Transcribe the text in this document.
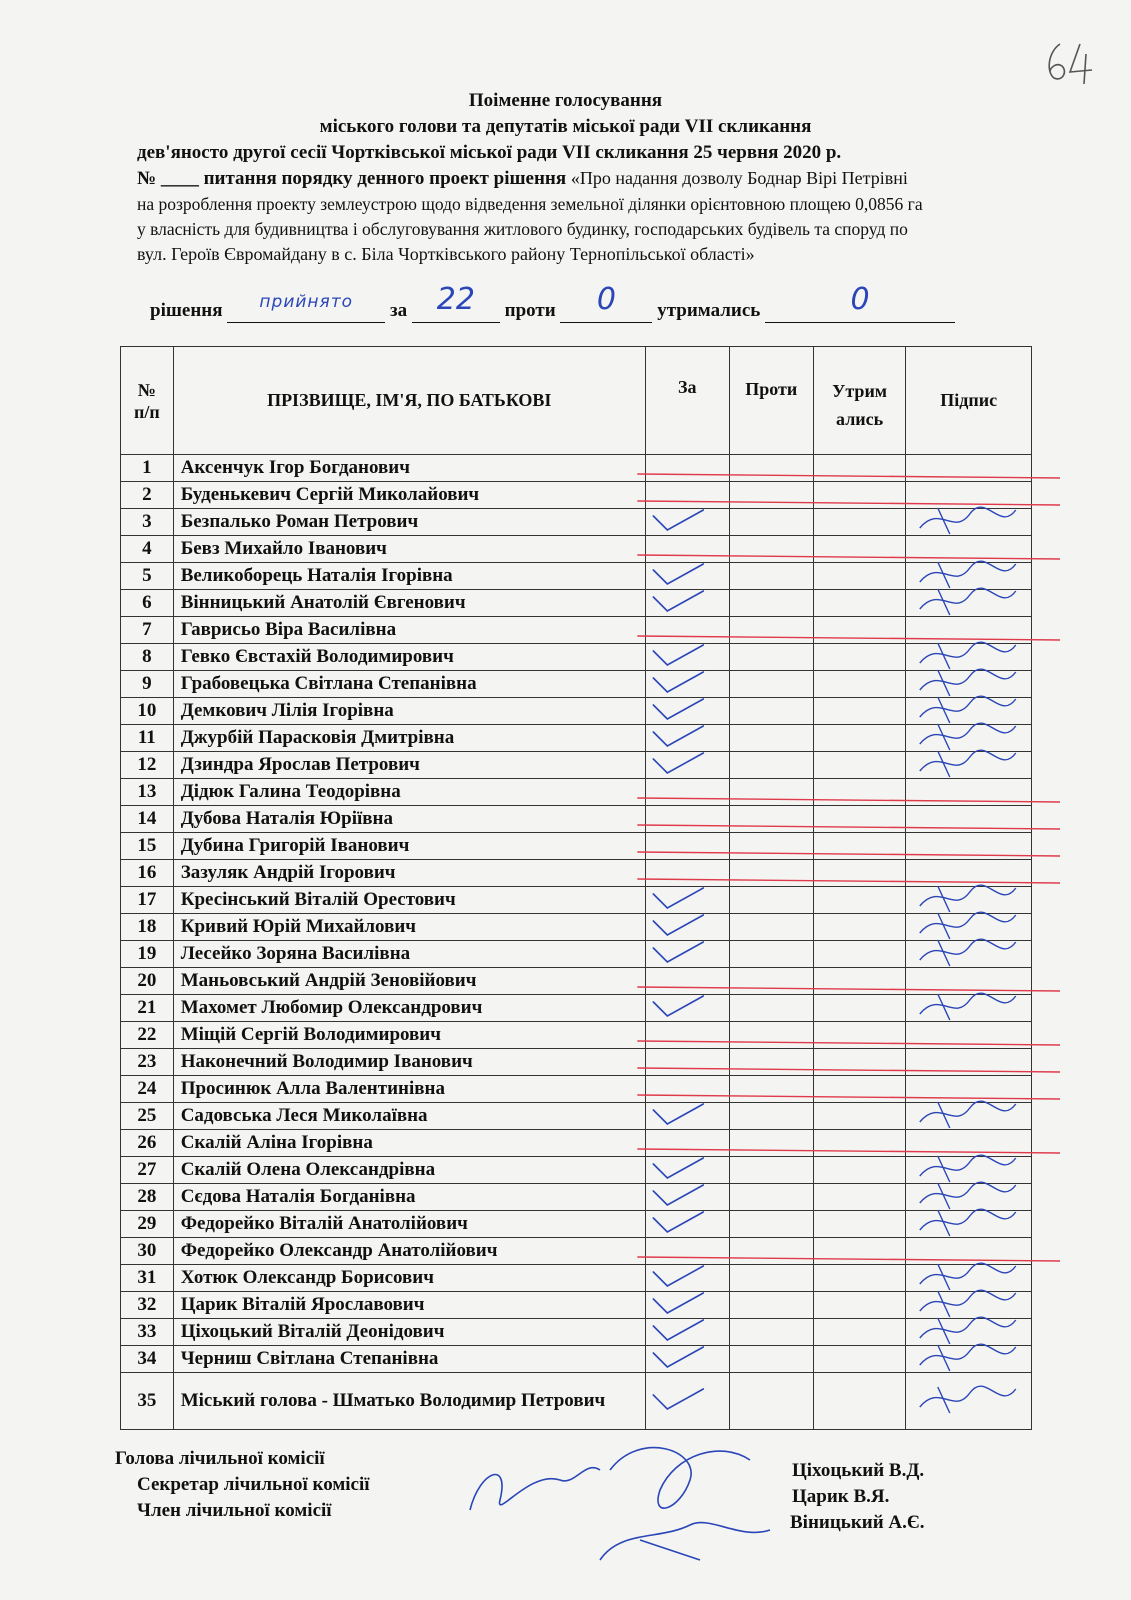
Поіменне голосування
міського голови та депутатів міської ради VІІ скликання
дев'яносто другої сесії Чортківської міської ради VІІ скликання 25 червня 2020 р.
№ ____ питання порядку денного проект рішення «Про надання дозволу Боднар Вірі Петрівні
на розроблення проекту землеустрою щодо відведення земельної ділянки орієнтовною площею 0,0856 га
у власність для будивництва і обслуговування житлового будинку, господарських будівель та споруд по
вул. Героїв Євромайдану в с. Біла Чортківського району Тернопільської області»
рішення	прийнято	за 22	проти	0	утримались	0

№ п/п	ПРІЗВИЩЕ, ІМ'Я, ПО БАТЬКОВІ	За	Проти	Утримались	Підпис
1	Аксенчук Ігор Богданович				
2	Буденькевич Сергій Миколайович				
3	Безпалько Роман Петрович				
4	Бевз Михайло Іванович				
5	Великоборець Наталія Ігорівна				
6	Вінницький Анатолій Євгенович				
7	Гаврисьо Віра Василівна				
8	Гевко Євстахій Володимирович				
9	Грабовецька Світлана Степанівна				
10	Демкович Лілія Ігорівна				
11	Джурбій Парасковія Дмитрівна				
12	Дзиндра Ярослав Петрович				
13	Дідюк Галина Теодорівна				
14	Дубова Наталія Юріївна				
15	Дубина Григорій Іванович				
16	Зазуляк Андрій Ігорович				
17	Кресінський Віталій Орестович				
18	Кривий Юрій Михайлович				
19	Лесейко Зоряна Василівна				
20	Маньовський Андрій Зеновійович				
21	Махомет Любомир Олександрович				
22	Міщій Сергій Володимирович				
23	Наконечний Володимир Іванович				
24	Просинюк Алла Валентинівна				
25	Садовська Леся Миколаївна				
26	Скалій Аліна Ігорівна				
27	Скалій Олена Олександрівна				
28	Сєдова Наталія Богданівна				
29	Федорейко Віталій Анатолійович				
30	Федорейко Олександр Анатолійович				
31	Хотюк Олександр Борисович				
32	Царик Віталій Ярославович				
33	Ціхоцький Віталій Деонідович				
34	Черниш Світлана Степанівна				
35	Міський голова - Шматько Володимир Петрович				
Голова лічильної комісії
Секретар лічильної комісії
Член лічильної комісії
Ціхоцький В.Д.
Царик В.Я.
Віницький А.Є.
